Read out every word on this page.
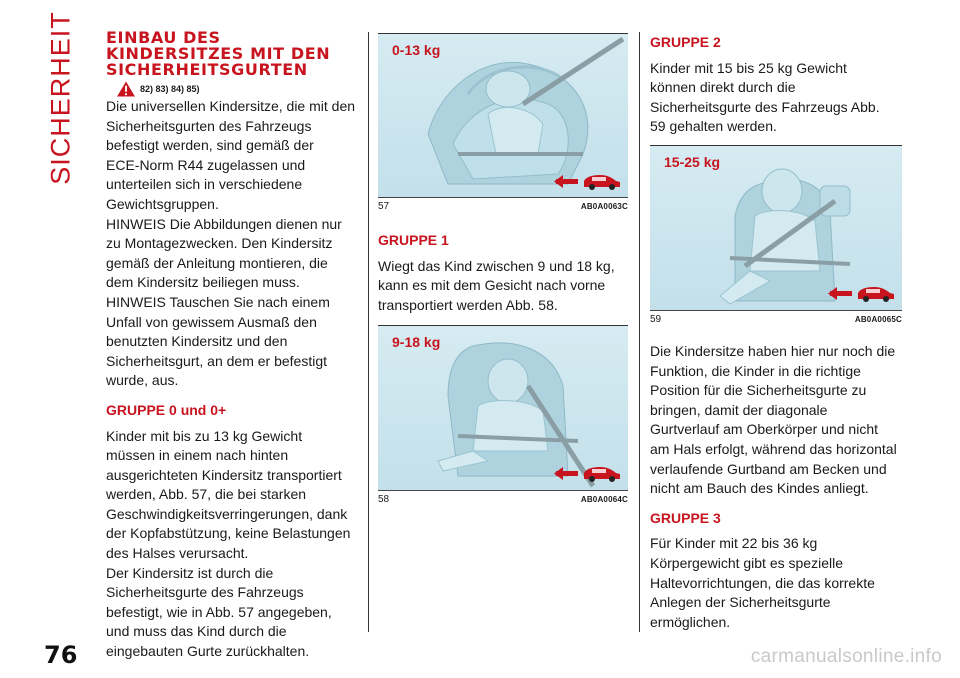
SICHERHEIT EINBAU DES
KINDERSITZES MIT DEN
SICHERHEITSGURTEN
82) 83) 84) 85)
Die universellen Kindersitze, die mit den
Sicherheitsgurten des Fahrzeugs
befestigt werden, sind gemäß der
ECE-Norm R44 zugelassen und
unterteilen sich in verschiedene
Gewichtsgruppen.
HINWEIS Die Abbildungen dienen nur
zu Montagezwecken. Den Kindersitz
gemäß der Anleitung montieren, die
dem Kindersitz beiliegen muss.
HINWEIS Tauschen Sie nach einem
Unfall von gewissem Ausmaß den
benutzten Kindersitz und den
Sicherheitsgurt, an dem er befestigt
wurde, aus.
GRUPPE 0 und 0+
Kinder mit bis zu 13 kg Gewicht
müssen in einem nach hinten
ausgerichteten Kindersitz transportiert
werden, Abb. 57, die bei starken
Geschwindigkeitsverringerungen, dank
der Kopfabstützung, keine Belastungen
des Halses verursacht.
Der Kindersitz ist durch die
Sicherheitsgurte des Fahrzeugs
befestigt, wie in Abb. 57 angegeben,
und muss das Kind durch die
eingebauten Gurte zurückhalten.
0-13 kg
57	AB0A0063C
GRUPPE 1
Wiegt das Kind zwischen 9 und 18 kg,
kann es mit dem Gesicht nach vorne
transportiert werden Abb. 58.
9-18 kg
58	AB0A0064C
GRUPPE 2
Kinder mit 15 bis 25 kg Gewicht
können direkt durch die
Sicherheitsgurte des Fahrzeugs Abb.
59 gehalten werden.
15-25 kg
59	AB0A0065C
Die Kindersitze haben hier nur noch die
Funktion, die Kinder in die richtige
Position für die Sicherheitsgurte zu
bringen, damit der diagonale
Gurtverlauf am Oberkörper und nicht
am Hals erfolgt, während das horizontal
verlaufende Gurtband am Becken und
nicht am Bauch des Kindes anliegt.
GRUPPE 3
Für Kinder mit 22 bis 36 kg
Körpergewicht gibt es spezielle
Haltevorrichtungen, die das korrekte
Anlegen der Sicherheitsgurte
ermöglichen.
76	carmanualsonline.info
